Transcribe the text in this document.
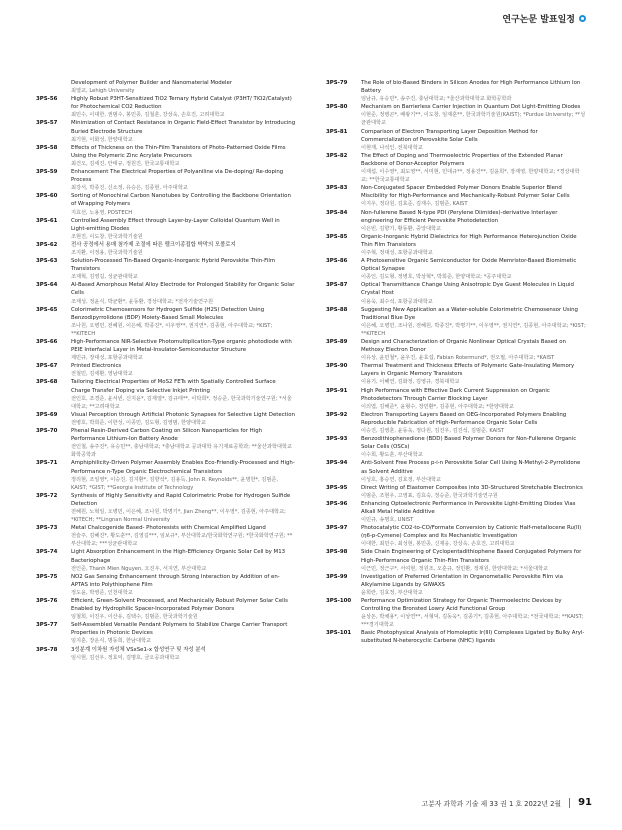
연구논문 발표일정
Development of Polymer Builder and Nanomaterial Modeler
최열교, Lehigh University
3PS-56	Highly Robust P3HT-Sensitized TiO2 Ternary Hybrid Catalyst (P3HT/ TiO2/Catalyst) for Photochemical CO2 Reduction
최민수, 이대한, 권범수, 봉민종, 김철훈, 강상욱, 손호진, 고려대학교
3PS-57	Minimization of Contact Resistance in Organic Field-Effect Transistor by Introducing Buried Electrode Structure
최기현, 이화성, 한양대학교
3PS-58	Effects of Thickness on the Thin-Film Transistors of Photo-Patterned Oxide Films Using the Polymeric Zinc Acrylate Precursors
최건오, 김세진, 안태규, 정원진, 한국교통대학교
3PS-59	Enhancement The Electrical Properties of Polyaniline via De-doping/ Re-doping Process
최강서, 박종진, 신소정, 유승은, 김종현, 아주대학교
3PS-60	Sorting of Monochiral Carbon Nanotubes by Controlling the Backbone Orientation of Wrapping Polymers
지효선, 노용영, POSTECH
3PS-61	Controlled Assembly Effect through Layer-by-Layer Colloidal Quantum Well in Light-emitting Diodes
조현진, 이도창, 한국과학기술원
3PS-62	전사 공정에서 용매 첨가제 조절에 따른 펠크이종접합 박막의 모폴로지
조지환, 이정용, 한국과학기술원
3PS-63	Solution-Processed Tin-Based Organic-Inorganic Hybrid Perovskite Thin-Film Transistors
조재혁, 김영길, 성균관대학교
3PS-64	Al-Based Amorphous Metal Alloy Electrode for Prolonged Stability for Organic Solar Cells
조재성, 정윤식, 박균환*, 윤동환, 경상대학교; *전자기술연구원
3PS-65	Colorimetric Chemosensors for Hydrogen Sulfide (H2S) Detection Using Benzodipyrrolidone (BDP) Moiety-Based Small Molecules
조나원, 오병민, 전혜원, 이은혜, 박종진*, 이우영**, 권지연*, 김종현, 아주대학교; *KIST; **KITECH
3PS-66	High-Performance NIR-Selective Photomultiplication-Type organic photodiode with PEIE Interfacial Layer in Metal-Insulator-Semiconductor Structure
제민규, 장대성, 포항공과대학교
3PS-67	Printed Electronics
전철민, 김세환, 영남대학교
3PS-68	Tailoring Electrical Properties of MoS2 FETs with Spatially Controlled Surface Charge Transfer Doping via Selective Inkjet Printing
전인호, 조경준, 윤서빈, 신지윤*, 김재열*, 김규태**, 이탁희*, 정승준, 한국과학기술연구원; *서울대학교; **고려대학교
3PS-69	Visual Perception through Artificial Photonic Synapses for Selective Light Detection
전병호, 박희준, 이한성, 이종민, 김도형, 김영범, 한양대학교
3PS-70	Phenal Resin-Derived Carbon Coating on Silicon Nanoparticles for High Performance Lithium-Ion Battery Anode
전인철, 송주진*, 유승민**, 충남대학교; *충남대학교 공과대학 유기재료공학과; **울산과학대학교 화학공학과
3PS-71	Amphiphilicity-Driven Polymer Assembly Enables Eco-Friendly-Processed and High-Performance n-Type Organic Electrochemical Transistors
정리현, 조일영*, 이승진, 김지환*, 김향석*, 김용득, John R. Reynolds**, 윤명한*, 김범준, KAIST; *GIST; **Georgia Institute of Technology
3PS-72	Synthesis of Highly Sensitivity and Rapid Colorimetric Probe for Hydrogen Sulfide Detection
전혜원, 노혁일, 오병민, 이은혜, 조나원, 박명기*, Jian Zheng**, 이우영*, 김종현, 아주대학교; *KITECH; **Lingnan Normal University
3PS-73	Metal Chalcogenide Based- Photoresists with Chemical Amplified Ligand
전슬주, 김혜진*, 황도훈**, 김영길***, 임보규*, 부산대학교/한국화학연구원; *한국화학연구원; **부산대학교; ***성균관대학교
3PS-74	Light Absorption Enhancement in the High-Efficiency Organic Solar Cell by M13 Bacteriophage
전인준, Thanh Mien Nguyen, 오진우, 서지연, 부산대학교
3PS-75	NO2 Gas Sensing Enhancement through Strong Interaction by Addition of en-APTAS into Polythiophene Film
정도윤, 박영준, 인천대학교
3PS-76	Efficient, Green-Solvent Processed, and Mechanically Robust Polymer Solar Cells Enabled by Hydrophilic Spacer-Incorporated Polymer Donors
임철희, 이진우, 이산유, 김택수, 김범준, 한국과학기술원
3PS-77	Self-Assembled Versatile Pendant Polymers to Stabilize Charge Carrier Transport Properties in Photonic Devices
임지훈, 장운식, 명동희, 한남대학교
3PS-78	3성분계 이차원 자성체 VSxSe1-x 합성연구 및 자성 분석
임시현, 김선우, 정효익, 김명호, 금오공과대학교
3PS-79	The Role of bio-Based Binders in Silicon Anodes for High Performance Lithium Ion Battery
임남규, 유승민*, 송주진, 충남대학교; *울산과학대학교 화학공학과
3PS-80	Mechanism on Barrierless Carrier Injection in Quantum Dot Light-Emitting Diodes
이현준, 정병곤*, 배왕기**, 이도창, 임재훈**, 한국과학기술원(KAIST); *Purdue University; **성균관대학교
3PS-81	Comparison of Electron Transporting Layer Deposition Method for Commercialization of Perovskite Solar Cells
이현재, 나석인, 전북대학교
3PS-82	The Effect of Doping and Thermoelectric Properties of the Extended Planar Backbone of Donor-Acceptor Polymers
이재섭, 이수영*, 최도영**, 서미현, 민대규**, 정용진**, 김윤희*, 장재영, 한양대학교; *경상대학교; **한국교통대학교
3PS-83	Non-Conjugated Spacer Embedded Polymer Donors Enable Superior Blend Miscibility for High-Performance and Mechanically-Robust Polymer Solar Cells
이지우, 정다원, 김효준, 김재수, 김범준, KAIST
3PS-84	Non-fullerene Based N-type PDI (Perylene Diimides)-derivative Interlayer engineering for Efficient Perovskite Photodetection
이은빈, 김향기, 황동환, 중앙대학교
3PS-85	Organic-Inorganic Hybrid Dielectrics for High Performance Heterojunction Oxide Thin Film Transistors
이주혁, 정대성, 포항공과대학교
3PS-86	A Photosensitive Organic Semiconductor for Oxide Memristor-Based Biomimetic Optical Synapse
이종인, 김도형, 정병호, 박상혁*, 박희준, 한양대학교; *공주대학교
3PS-87	Optical Transmittance Change Using Anisotropic Dye Guest Molecules in Liquid Crystal Host
이용욱, 최수석, 포항공과대학교
3PS-88	Suggesting New Application as a Water-soluble Colorimetric Chemosensor Using Traditional Blue Dye
이은혜, 오병민, 조나원, 전혜원, 박종진*, 박명기**, 이우영**, 권지연*, 김종현, 아주대학교; *KIST; **KITECH
3PS-89	Design and Characterization of Organic Nonlinear Optical Crystals Based on Methoxy Electron Donor
이유상, 윤민철*, 윤우진, 윤효섭, Fabian Rotermund*, 권오필, 아주대학교; *KAIST
3PS-90	Thermal Treatment and Thickness Effects of Polymeric Gate-Insulating Memory Layers in Organic Memory Transistors
이용기, 이혜연, 김화정, 김영규, 경북대학교
3PS-91	High Performance with Effective Dark Current Suppression on Organic Photodetectors Through Carrier Blocking Layer
이의엽, 김해준*, 윤형수, 장민환*, 김종현, 아주대학교; *한양대학교
3PS-92	Electron Transporting Layers Based on OEG-Incorporated Polymers Enabling Reproducible Fabrication of High-Performance Organic Solar Cells
이승진, 김영훈, 윤동욱, 정다원, 김진우, 김진석, 김범준, KAIST
3PS-93	Benzodithiophenedione (BDD) Based Polymer Donors for Non-Fullerene Organic Solar Cells (OSCs)
이수희, 황도훈, 부산대학교
3PS-94	Anti-Solvent Free Process p-i-n Perovskite Solar Cell Using N-Methyl-2-Pyrrolidone as Solvent Additive
이성호, 홍승연, 김효정, 부산대학교
3PS-95	Direct Writing of Elastomer Composites into 3D-Structured Stretchable Electronics
이범준, 조현우, 고영표, 김효숙, 정승준, 한국과학기술연구원
3PS-96	Enhancing Optoelectronic Performance in Perovskite Light-Emitting Diodes Vias Alkali Metal Halide Additive
이민규, 송명호, UNIST
3PS-97	Photocatalytic CO2-to-CO/Formate Conversion by Cationic Half-metallocene Ru(II)(η6-p-Cymene) Complex and Its Mechanistic Investigation
이대한, 최민수, 최성현, 봉민종, 신재웅, 강상욱, 손호진, 고려대학교
3PS-98	Side Chain Engineering of Cyclopentadithiophene Based Conjugated Polymers for High-Performance Organic Thin-Film Transistors
이근민, 정근구*, 서여현, 정원조, 오훈규, 정민환, 정재원, 한양대학교; *서울대학교
3PS-99	Investigation of Preferred Orientation in Organometallic Perovskite Film via Alkylamine Ligands by GIWAXS
윤희란, 김효정, 부산대학교
3PS-100	Performance Optimization Strategy for Organic Thermoelectric Devices by Controlling the Bronsted Lowry Acid Functional Group
윤상돈, 박채용*, 이상연**, 서형덕, 김동욱*, 김종기*, 김종현, 아주대학교; *전국대학교; **KAIST; ***경기대학교
3PS-101	Basic Photophysical Analysis of Homoleptic Ir(III) Complexes Ligated by Bulky Aryl-substituted N-heterocyclic Carbene (NHC) ligands
고분자 과학과 기술 제 33 권 1 호 2022년 2월 91
